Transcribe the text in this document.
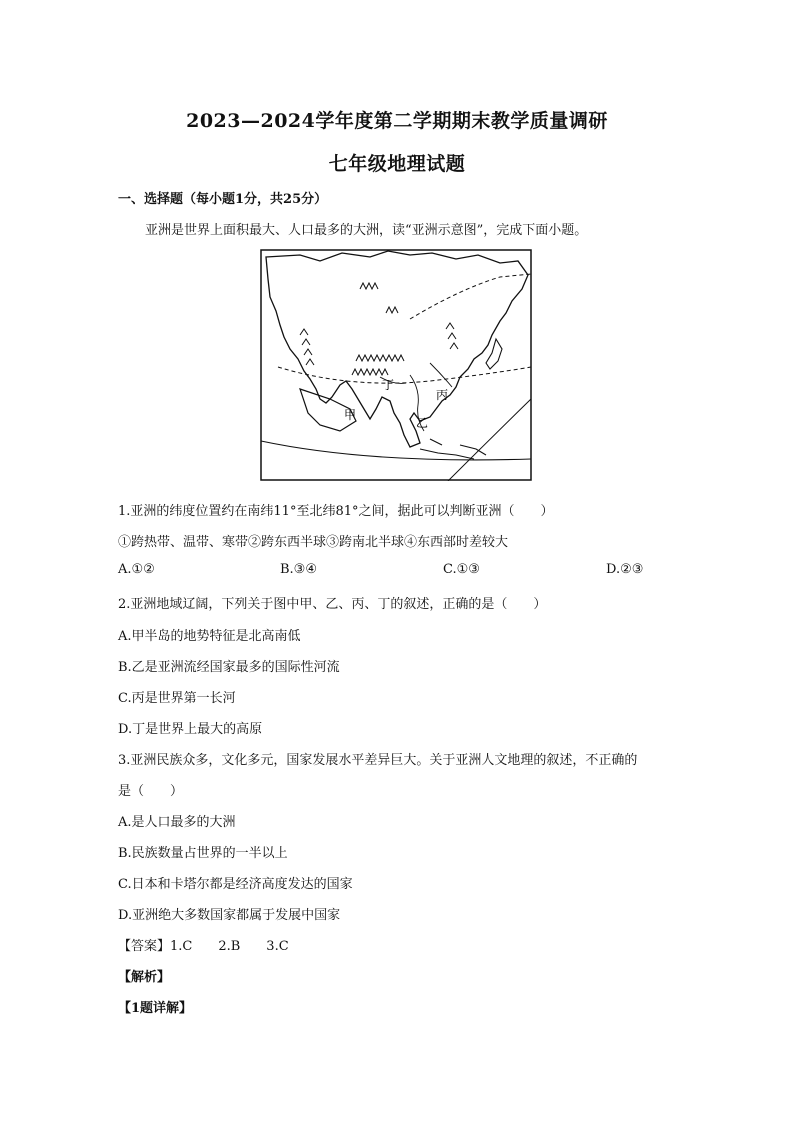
2023—2024学年度第二学期期末教学质量调研
七年级地理试题
一、选择题（每小题1分，共25分）
亚洲是世界上面积最大、人口最多的大洲，读“亚洲示意图”，完成下面小题。
甲
乙
丙
丁
1.亚洲的纬度位置约在南纬11°至北纬81°之间，据此可以判断亚洲（　　）
①跨热带、温带、寒带②跨东西半球③跨南北半球④东西部时差较大
A.①②	B.③④	C.①③	D.②③
2.亚洲地域辽阔，下列关于图中甲、乙、丙、丁的叙述，正确的是（　　）
A.甲半岛的地势特征是北高南低
B.乙是亚洲流经国家最多的国际性河流
C.丙是世界第一长河
D.丁是世界上最大的高原
3.亚洲民族众多，文化多元，国家发展水平差异巨大。关于亚洲人文地理的叙述，不正确的
是（　　）
A.是人口最多的大洲
B.民族数量占世界的一半以上
C.日本和卡塔尔都是经济高度发达的国家
D.亚洲绝大多数国家都属于发展中国家
【答案】1.C　　2.B　　3.C
【解析】
【1题详解】
